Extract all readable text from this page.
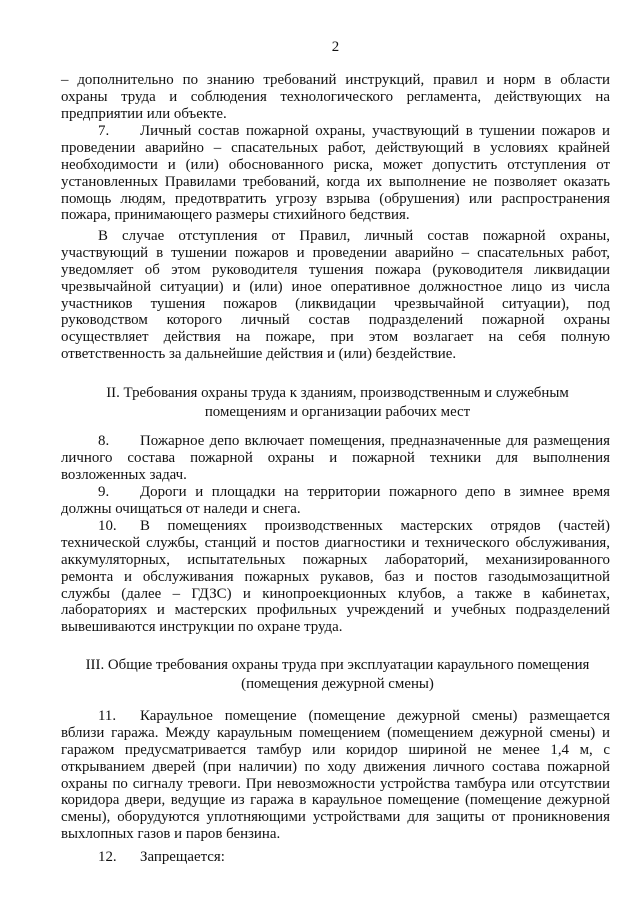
2
– дополнительно по знанию требований инструкций, правил и норм в области
охраны труда и соблюдения технологического регламента, действующих на
предприятии или объекте.
7. Личный состав пожарной охраны, участвующий в тушении пожаров и
проведении аварийно – спасательных работ, действующий в условиях крайней
необходимости и (или) обоснованного риска, может допустить отступления от
установленных Правилами требований, когда их выполнение не позволяет оказать
помощь людям, предотвратить угрозу взрыва (обрушения) или распространения
пожара, принимающего размеры стихийного бедствия.
В случае отступления от Правил, личный состав пожарной охраны,
участвующий в тушении пожаров и проведении аварийно – спасательных работ,
уведомляет об этом руководителя тушения пожара (руководителя ликвидации
чрезвычайной ситуации) и (или) иное оперативное должностное лицо из числа
участников тушения пожаров (ликвидации чрезвычайной ситуации), под
руководством которого личный состав подразделений пожарной охраны
осуществляет действия на пожаре, при этом возлагает на себя полную
ответственность за дальнейшие действия и (или) бездействие.
II. Требования охраны труда к зданиям, производственным и служебным
помещениям и организации рабочих мест
8. Пожарное депо включает помещения, предназначенные для размещения
личного состава пожарной охраны и пожарной техники для выполнения
возложенных задач.
9. Дороги и площадки на территории пожарного депо в зимнее время
должны очищаться от наледи и снега.
10. В помещениях производственных мастерских отрядов (частей)
технической службы, станций и постов диагностики и технического обслуживания,
аккумуляторных, испытательных пожарных лабораторий, механизированного
ремонта и обслуживания пожарных рукавов, баз и постов газодымозащитной
службы (далее – ГДЗС) и кинопроекционных клубов, а также в кабинетах,
лабораториях и мастерских профильных учреждений и учебных подразделений
вывешиваются инструкции по охране труда.
III. Общие требования охраны труда при эксплуатации караульного помещения
(помещения дежурной смены)
11. Караульное помещение (помещение дежурной смены) размещается
вблизи гаража. Между караульным помещением (помещением дежурной смены) и
гаражом предусматривается тамбур или коридор шириной не менее 1,4 м, с
открыванием дверей (при наличии) по ходу движения личного состава пожарной
охраны по сигналу тревоги. При невозможности устройства тамбура или отсутствии
коридора двери, ведущие из гаража в караульное помещение (помещение дежурной
смены), оборудуются уплотняющими устройствами для защиты от проникновения
выхлопных газов и паров бензина.
12. Запрещается:
